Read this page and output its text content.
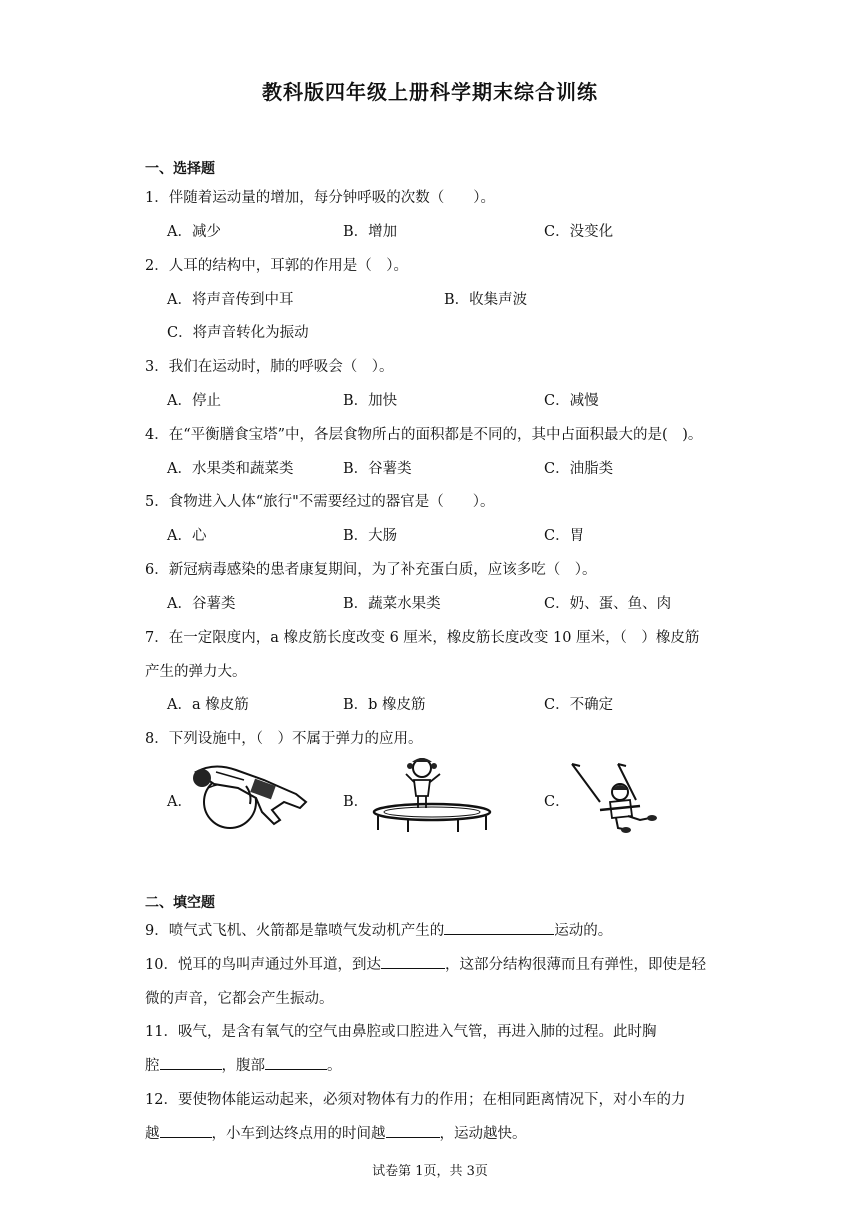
教科版四年级上册科学期末综合训练
一、选择题
1．伴随着运动量的增加，每分钟呼吸的次数（　　）。
A．减少	B．增加	C．没变化
2．人耳的结构中，耳郭的作用是（　）。
A．将声音传到中耳	B．收集声波
C．将声音转化为振动
3．我们在运动时，肺的呼吸会（　）。
A．停止	B．加快	C．减慢
4．在“平衡膳食宝塔”中，各层食物所占的面积都是不同的，其中占面积最大的是(　)。
A．水果类和蔬菜类	B．谷薯类	C．油脂类
5．食物进入人体“旅行"不需要经过的器官是（　　）。
A．心	B．大肠	C．胃
6．新冠病毒感染的患者康复期间，为了补充蛋白质，应该多吃（　）。
A．谷薯类	B．蔬菜水果类	C．奶、蛋、鱼、肉
7．在一定限度内，a 橡皮筋长度改变 6 厘米，橡皮筋长度改变 10 厘米，（　）橡皮筋
产生的弹力大。
A．a 橡皮筋	B．b 橡皮筋	C．不确定
8．下列设施中，（　）不属于弹力的应用。
A．	B．	C．
二、填空题
9．喷气式飞机、火箭都是靠喷气发动机产生的	运动的。
10．悦耳的鸟叫声通过外耳道，到达	，这部分结构很薄而且有弹性，即使是轻
微的声音，它都会产生振动。
11．吸气，是含有氧气的空气由鼻腔或口腔进入气管，再进入肺的过程。此时胸
腔	，腹部	。
12．要使物体能运动起来，必须对物体有力的作用；在相同距离情况下，对小车的力
越	，小车到达终点用的时间越	，运动越快。
试卷第 1页，共 3页
